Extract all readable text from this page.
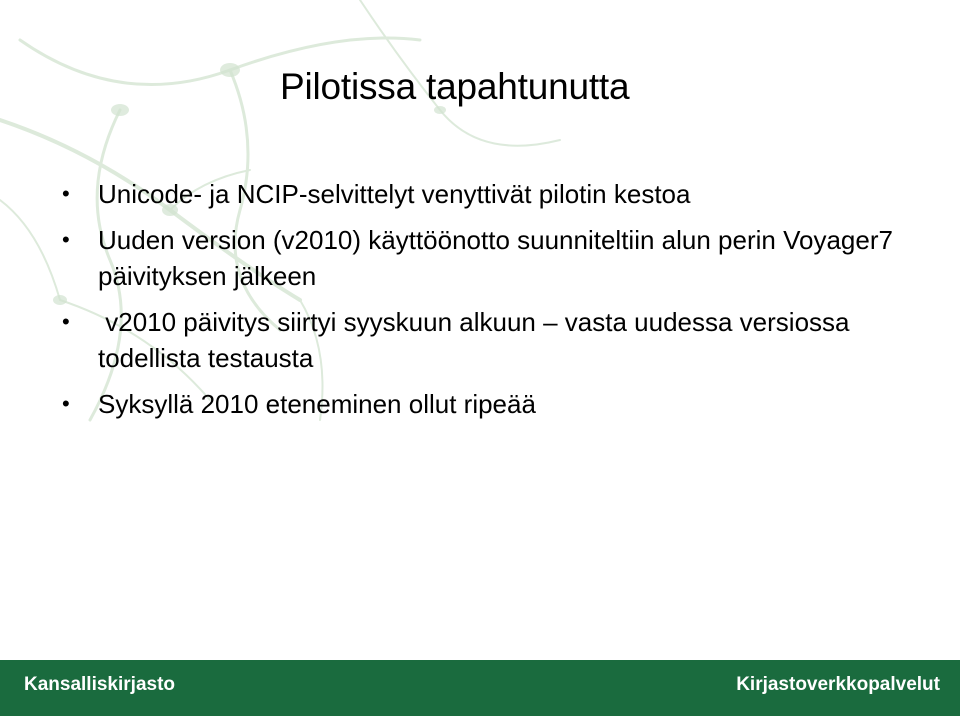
Pilotissa tapahtunutta
• Unicode- ja NCIP-selvittelyt venyttivät pilotin kestoa
• Uuden version (v2010) käyttöönotto suunniteltiin alun perin Voyager7 päivityksen jälkeen
• v2010 päivitys siirtyi syyskuun alkuun – vasta uudessa versiossa todellista testausta
• Syksyllä 2010 eteneminen ollut ripeää
Kansalliskirjasto	Kirjastoverkkopalvelut
